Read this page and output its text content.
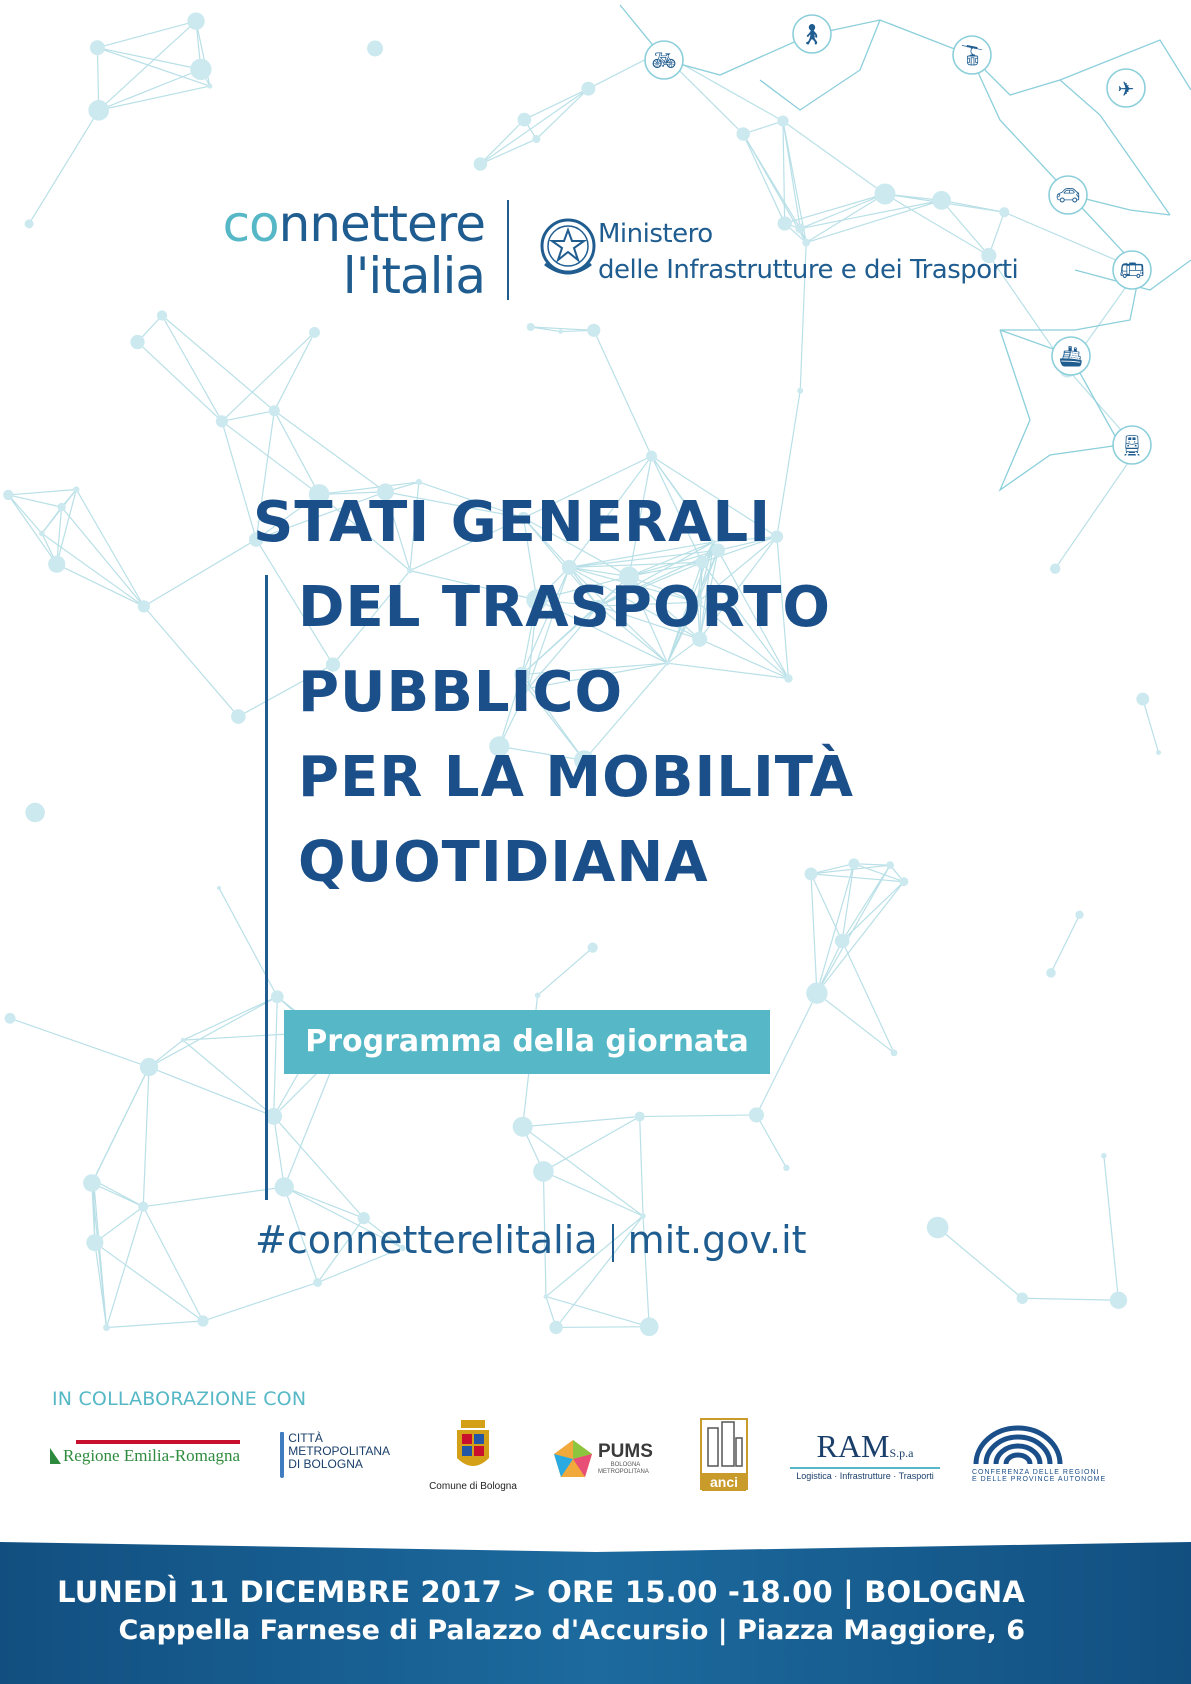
🚲︎
🚶︎
🚡︎
✈
🚗︎
🚌︎
🚢︎
🚆︎
connettere
l'italia
Ministero
delle Infrastrutture e dei Trasporti
STATI GENERALI
DEL TRASPORTO
PUBBLICO
PER LA MOBILITÀ
QUOTIDIANA
Programma della giornata
#connetterelitalia mit.gov.it
IN COLLABORAZIONE CON
Regione Emilia-Romagna
CITTÀ
METROPOLITANA
DI BOLOGNA
Comune di Bologna
PUMS
BOLOGNA
METROPOLITANA
anci
RAMS.p.a
Logistica · Infrastrutture · Trasporti	CONFERENZA DELLE REGIONI
E DELLE PROVINCE AUTONOME
LUNEDÌ 11 DICEMBRE 2017 > ORE 15.00 -18.00 | BOLOGNA
Cappella Farnese di Palazzo d'Accursio | Piazza Maggiore, 6
